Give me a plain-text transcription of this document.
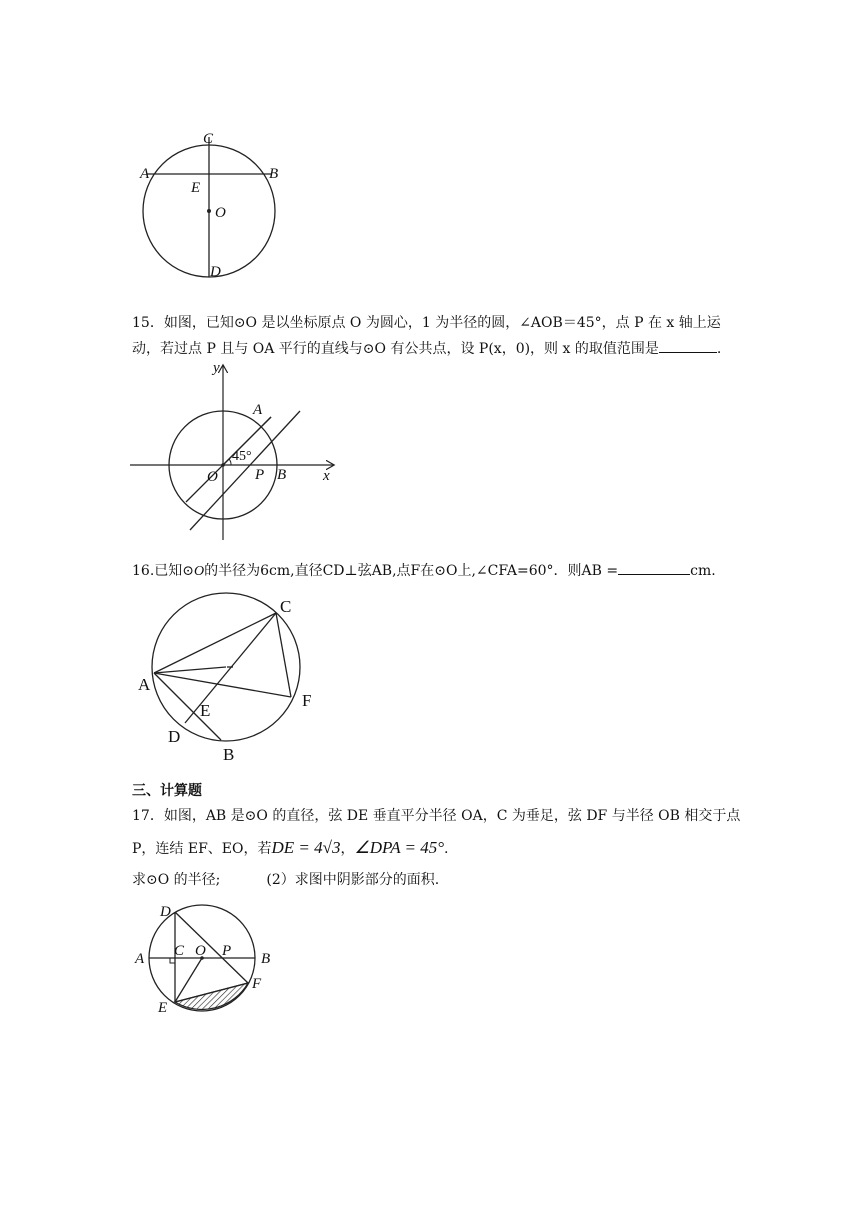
C
A	B
E
O
D
15．如图，已知⊙O 是以坐标原点 O 为圆心，1 为半径的圆，∠AOB＝45°，点 P 在 x 轴上运
动，若过点 P 且与 OA 平行的直线与⊙O 有公共点，设 P(x，0)，则 x 的取值范围是	.
y
x
A
45°
O P B
16.已知⊙O的半径为6cm,直径CD⊥弦AB,点F在⊙O上,∠CFA=60°．则AB =	cm.
C
A
F
E
D
B
三、计算题
17．如图，AB 是⊙O 的直径，弦 DE 垂直平分半径 OA，C 为垂足，弦 DF 与半径 OB 相交于点
P，连结 EF、EO，若DE = 4√3，∠DPA = 45°.
求⊙O 的半径;	(2）求图中阴影部分的面积.
D
A C O P B
E
F
